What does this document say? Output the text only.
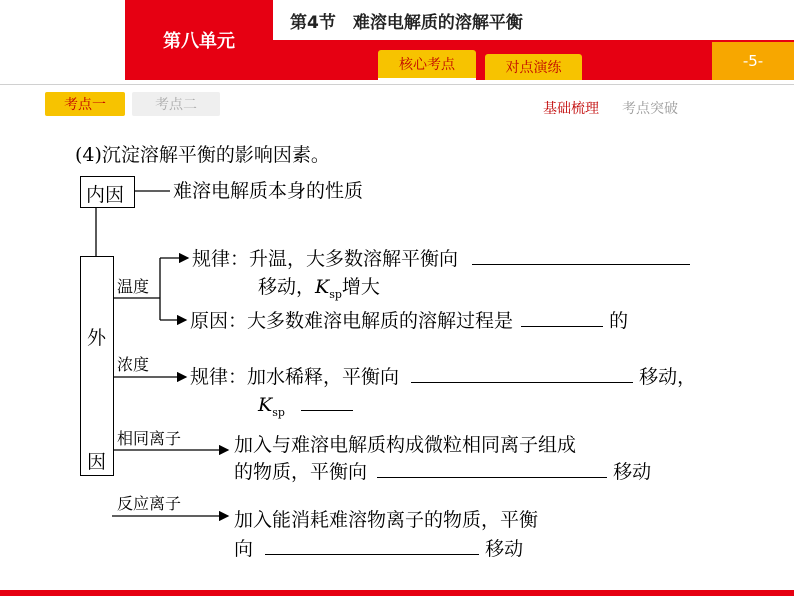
第八单元
第4节　难溶电解质的溶解平衡
核心考点	对点演练	-5-
考点一	考点二	基础梳理 考点突破
(4)沉淀溶解平衡的影响因素。
内因	难溶电解质本身的性质
外
因
温度
规律：升温，大多数溶解平衡向
移动，$K_{sp}$增大
原因：大多数难溶电解质的溶解过程是	的
浓度
规律：加水稀释，平衡向	移动，
$K_{sp}$
相同离子	加入与难溶电解质构成微粒相同离子组成
的物质，平衡向	移动
反应离子
加入能消耗难溶物离子的物质，平衡
向	移动
